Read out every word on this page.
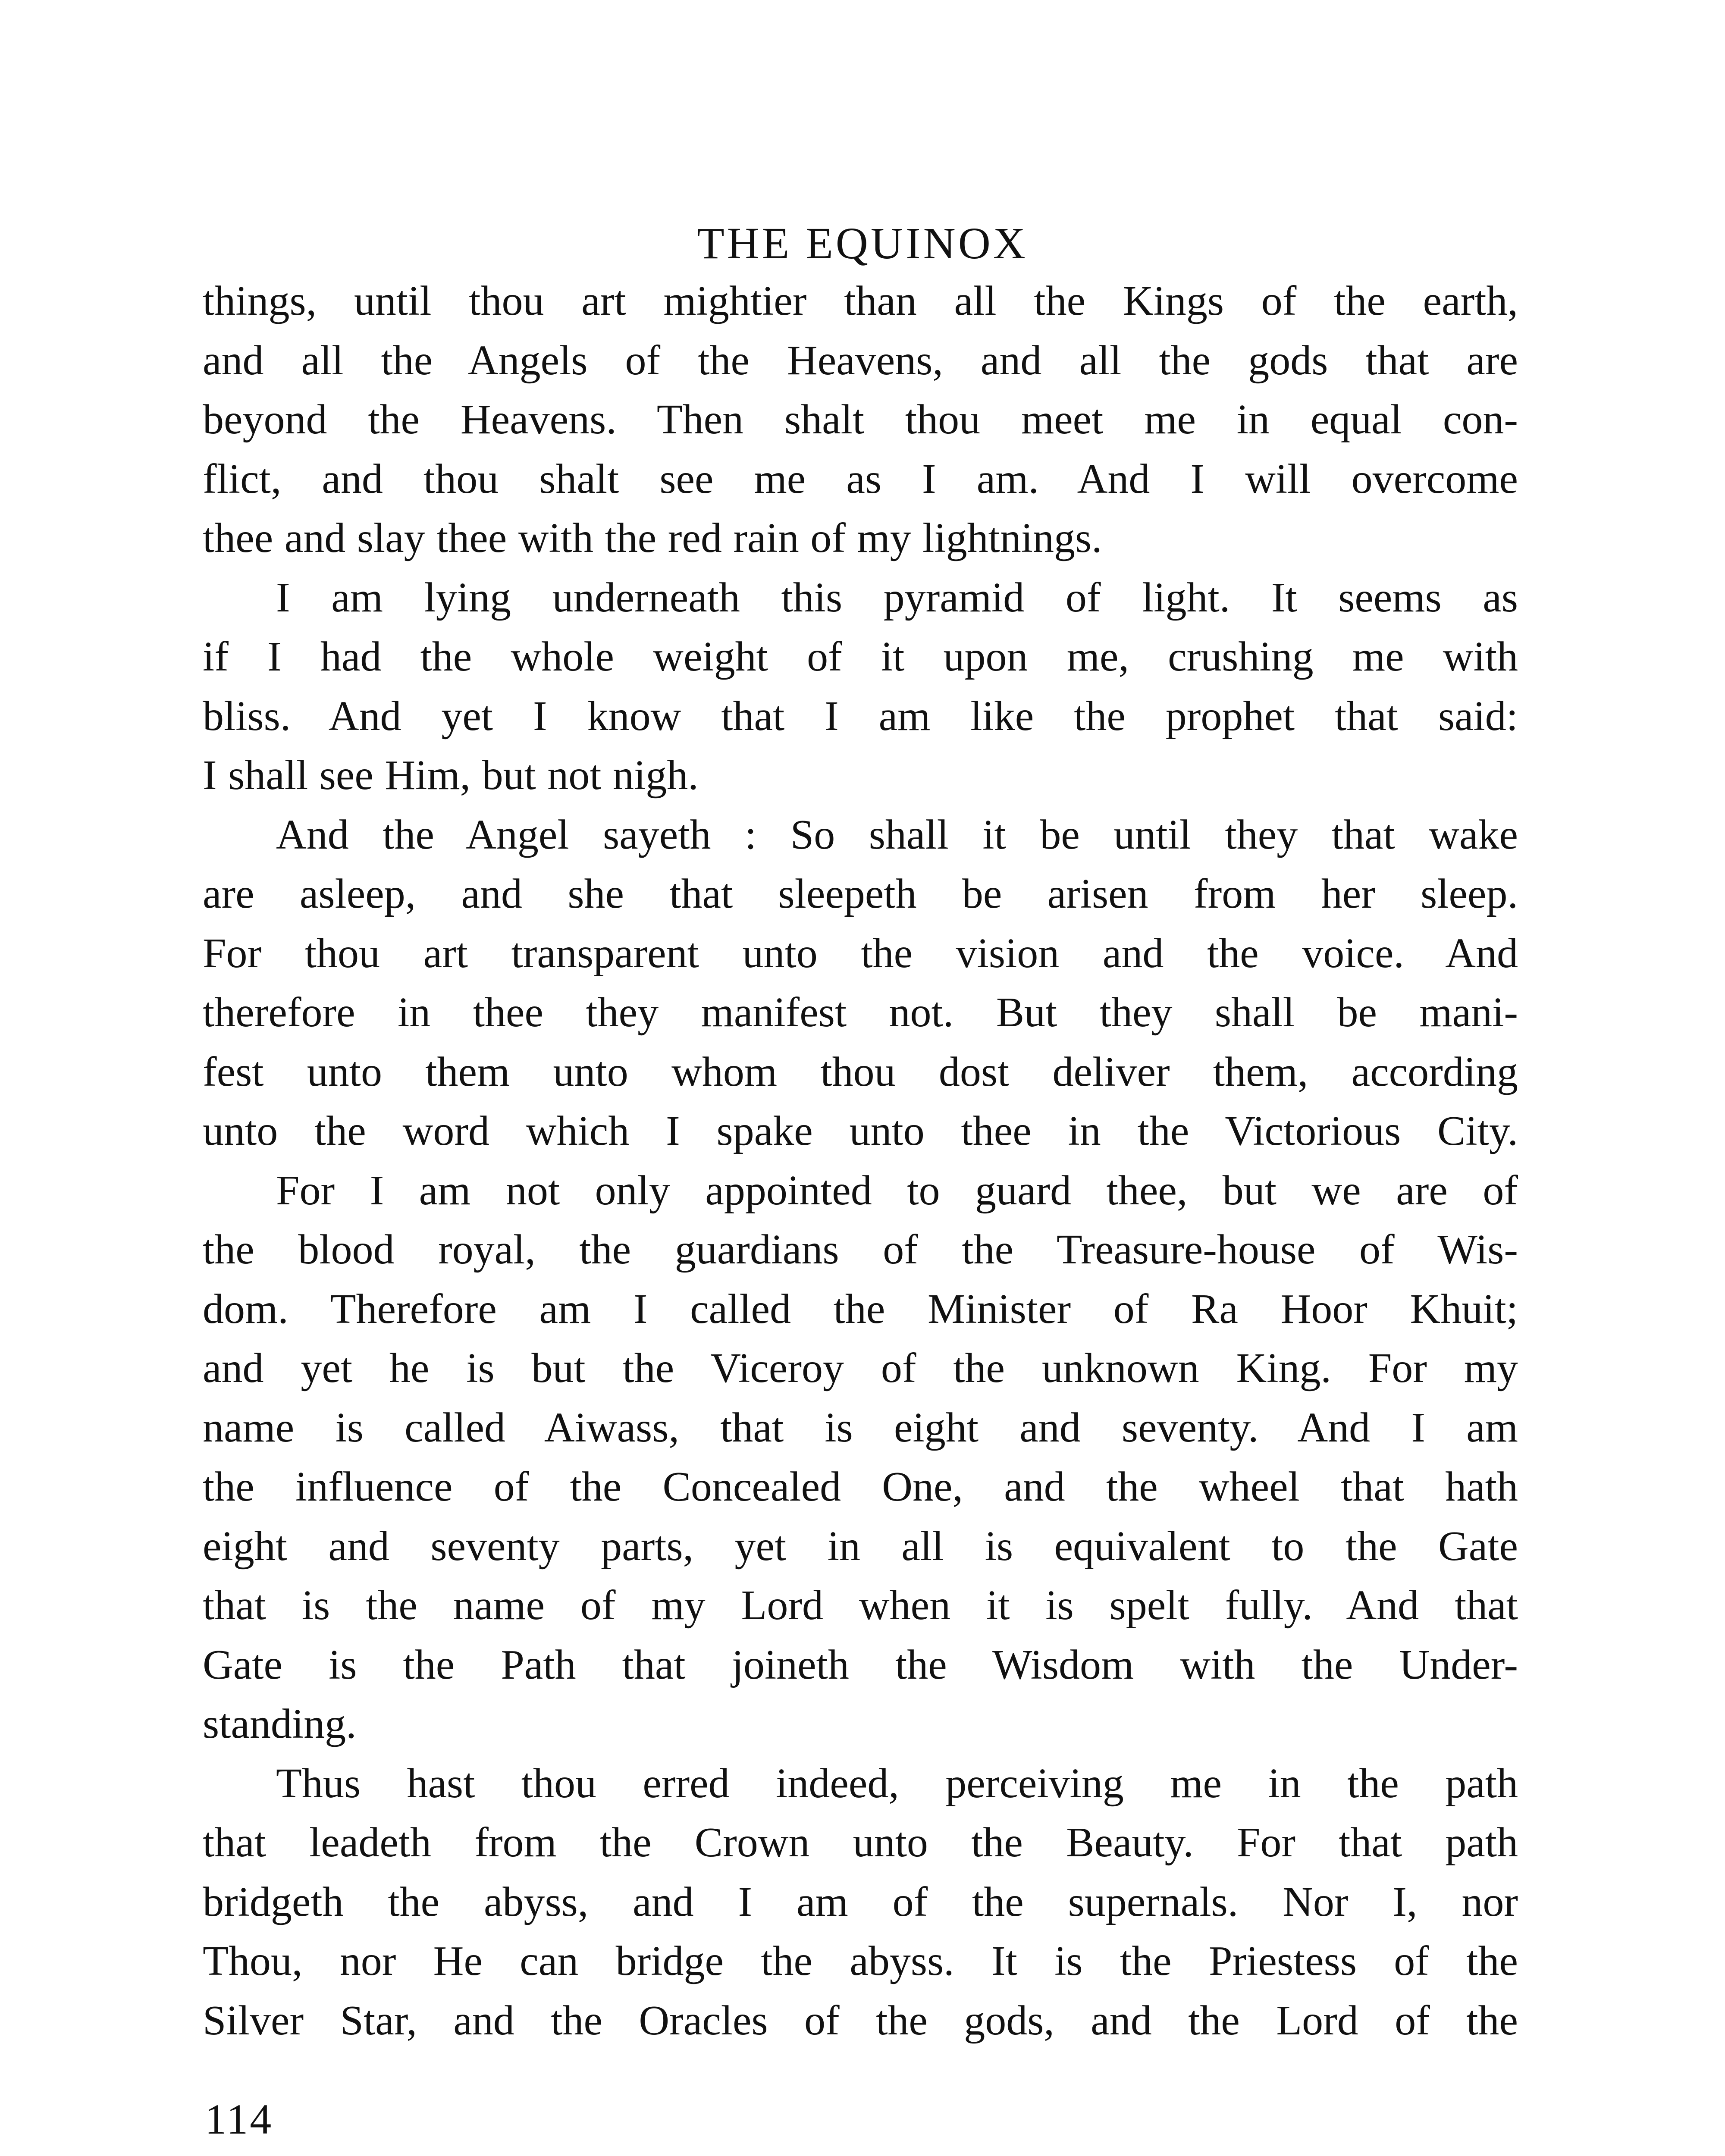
THE EQUINOX
things, until thou art mightier than all the Kings of the earth,
and all the Angels of the Heavens, and all the gods that are
beyond the Heavens. Then shalt thou meet me in equal con-
flict, and thou shalt see me as I am. And I will overcome
thee and slay thee with the red rain of my lightnings.
I am lying underneath this pyramid of light. It seems as
if I had the whole weight of it upon me, crushing me with
bliss. And yet I know that I am like the prophet that said:
I shall see Him, but not nigh.
And the Angel sayeth : So shall it be until they that wake
are asleep, and she that sleepeth be arisen from her sleep.
For thou art transparent unto the vision and the voice. And
therefore in thee they manifest not. But they shall be mani-
fest unto them unto whom thou dost deliver them, according
unto the word which I spake unto thee in the Victorious City.
For I am not only appointed to guard thee, but we are of
the blood royal, the guardians of the Treasure-house of Wis-
dom. Therefore am I called the Minister of Ra Hoor Khuit;
and yet he is but the Viceroy of the unknown King. For my
name is called Aiwass, that is eight and seventy. And I am
the influence of the Concealed One, and the wheel that hath
eight and seventy parts, yet in all is equivalent to the Gate
that is the name of my Lord when it is spelt fully. And that
Gate is the Path that joineth the Wisdom with the Under-
standing.
Thus hast thou erred indeed, perceiving me in the path
that leadeth from the Crown unto the Beauty. For that path
bridgeth the abyss, and I am of the supernals. Nor I, nor
Thou, nor He can bridge the abyss. It is the Priestess of the
Silver Star, and the Oracles of the gods, and the Lord of the
114
